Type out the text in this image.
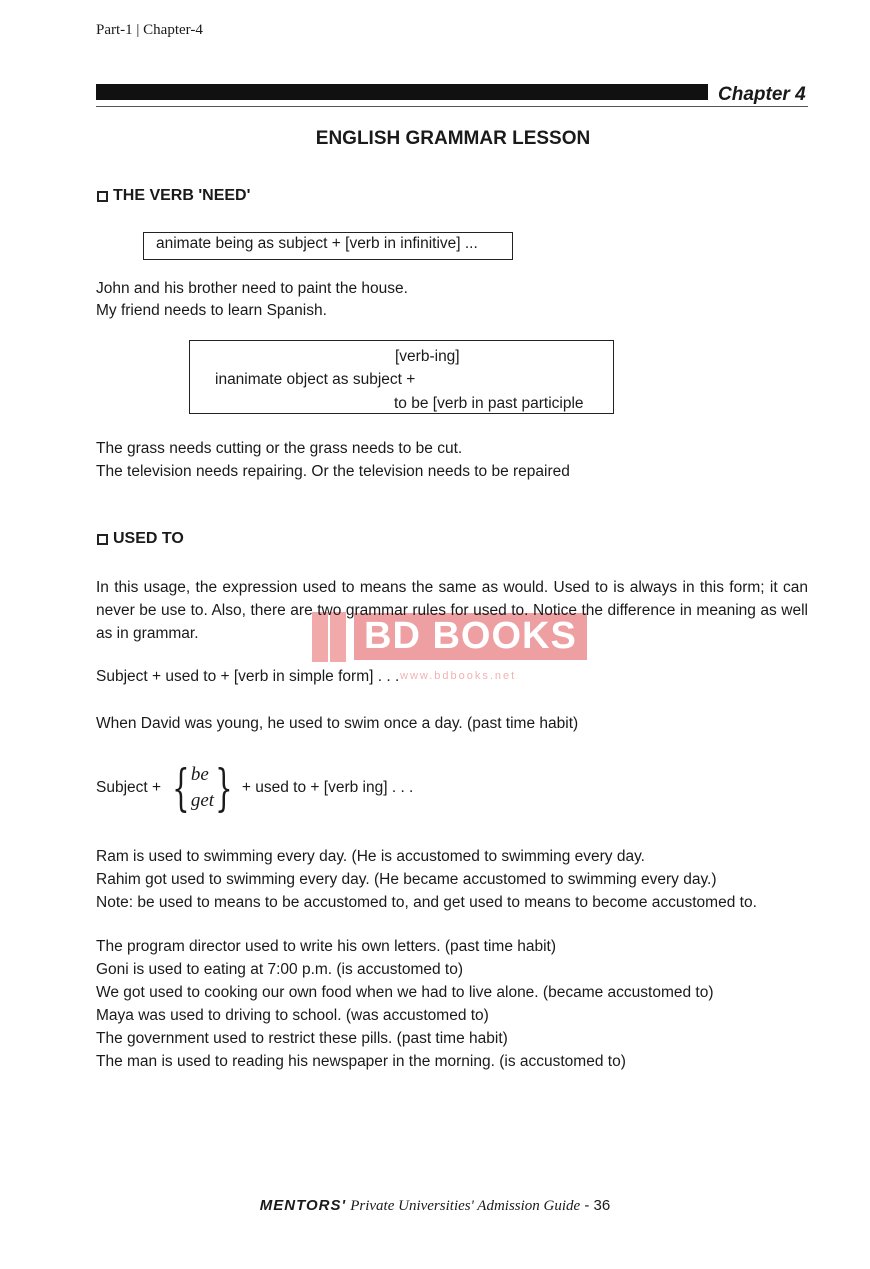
Part-1 | Chapter-4
Chapter 4
ENGLISH GRAMMAR LESSON
THE VERB 'NEED'
animate being as subject + [verb in infinitive] ...
John and his brother need to paint the house.
My friend needs to learn Spanish.
[verb-ing]
inanimate object as subject +
to be [verb in past participle
The grass needs cutting or the grass needs to be cut.
The television needs repairing. Or the television needs to be repaired
USED TO
BD BOOKS
www.bdbooks.net
In this usage, the expression used to means the same as would. Used to is always in this form; it can never be use to. Also, there are two grammar rules for used to. Notice the difference in meaning as well as in grammar.
Subject + used to + [verb in simple form] . . .
When David was young, he used to swim once a day. (past time habit)
Subject + { be
get } + used to + [verb ing] . . .
Ram is used to swimming every day. (He is accustomed to swimming every day.
Rahim got used to swimming every day. (He became accustomed to swimming every day.)
Note: be used to means to be accustomed to, and get used to means to become accustomed to.
The program director used to write his own letters. (past time habit)
Goni is used to eating at 7:00 p.m. (is accustomed to)
We got used to cooking our own food when we had to live alone. (became accustomed to)
Maya was used to driving to school. (was accustomed to)
The government used to restrict these pills. (past time habit)
The man is used to reading his newspaper in the morning. (is accustomed to)
MENTORS' Private Universities' Admission Guide - 36
